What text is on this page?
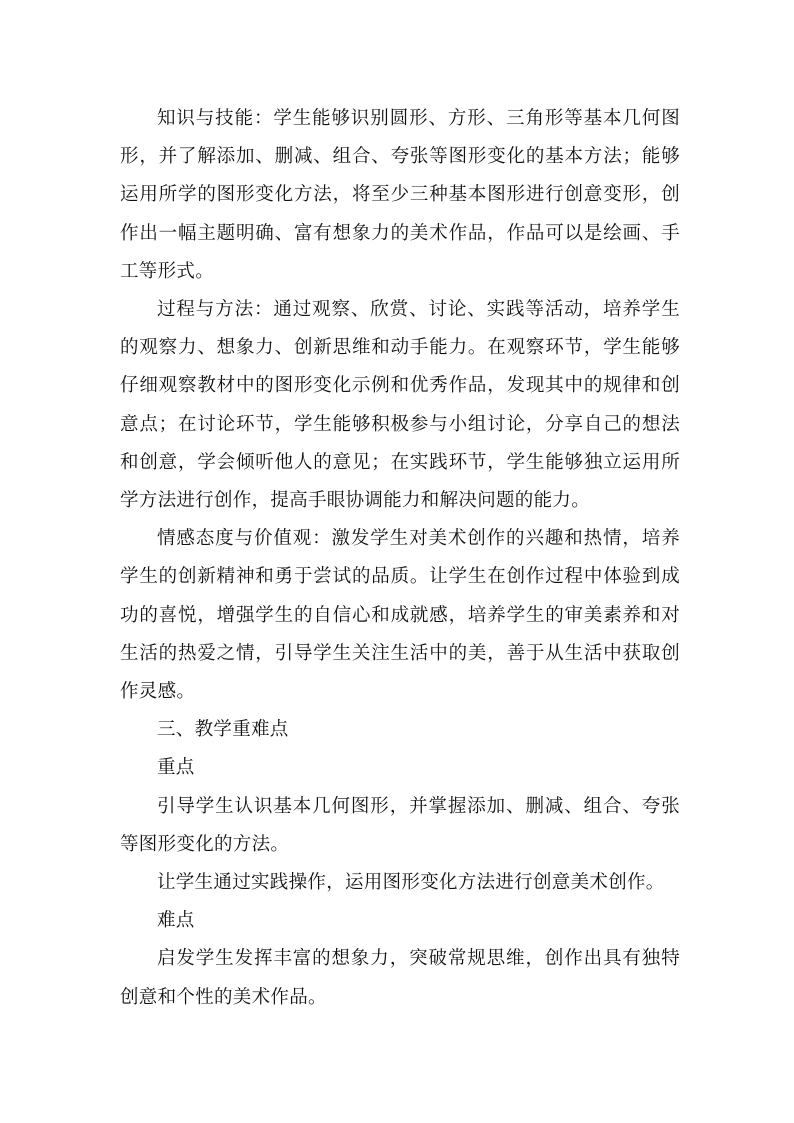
知识与技能：学生能够识别圆形、方形、三角形等基本几何图形，并了解添加、删减、组合、夸张等图形变化的基本方法；能够运用所学的图形变化方法，将至少三种基本图形进行创意变形，创作出一幅主题明确、富有想象力的美术作品，作品可以是绘画、手工等形式。

过程与方法：通过观察、欣赏、讨论、实践等活动，培养学生的观察力、想象力、创新思维和动手能力。在观察环节，学生能够仔细观察教材中的图形变化示例和优秀作品，发现其中的规律和创意点；在讨论环节，学生能够积极参与小组讨论，分享自己的想法和创意，学会倾听他人的意见；在实践环节，学生能够独立运用所学方法进行创作，提高手眼协调能力和解决问题的能力。

情感态度与价值观：激发学生对美术创作的兴趣和热情，培养学生的创新精神和勇于尝试的品质。让学生在创作过程中体验到成功的喜悦，增强学生的自信心和成就感，培养学生的审美素养和对生活的热爱之情，引导学生关注生活中的美，善于从生活中获取创作灵感。

三、教学重难点

重点

引导学生认识基本几何图形，并掌握添加、删减、组合、夸张等图形变化的方法。

让学生通过实践操作，运用图形变化方法进行创意美术创作。

难点

启发学生发挥丰富的想象力，突破常规思维，创作出具有独特创意和个性的美术作品。
